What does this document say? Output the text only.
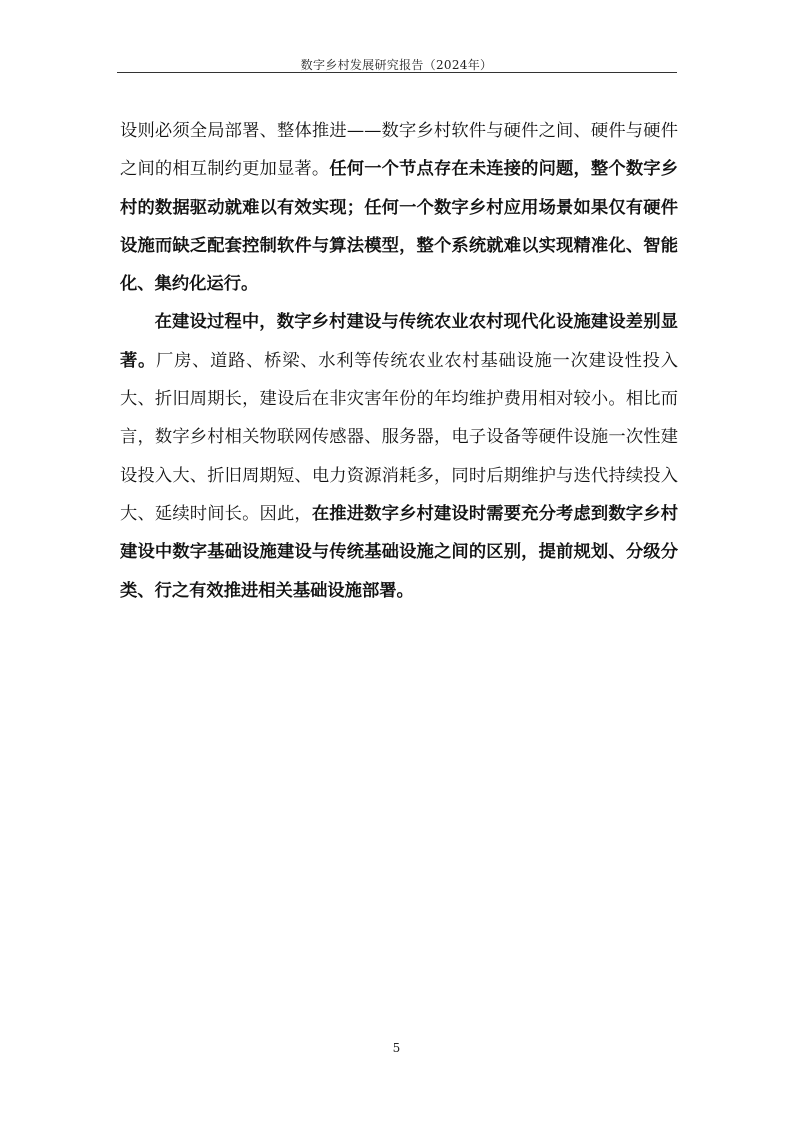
数字乡村发展研究报告（2024年）

设则必须全局部署、整体推进——数字乡村软件与硬件之间、硬件与硬件之间的相互制约更加显著。任何一个节点存在未连接的问题，整个数字乡村的数据驱动就难以有效实现；任何一个数字乡村应用场景如果仅有硬件设施而缺乏配套控制软件与算法模型，整个系统就难以实现精准化、智能化、集约化运行。

在建设过程中，数字乡村建设与传统农业农村现代化设施建设差别显著。厂房、道路、桥梁、水利等传统农业农村基础设施一次建设性投入大、折旧周期长，建设后在非灾害年份的年均维护费用相对较小。相比而言，数字乡村相关物联网传感器、服务器，电子设备等硬件设施一次性建设投入大、折旧周期短、电力资源消耗多，同时后期维护与迭代持续投入大、延续时间长。因此，在推进数字乡村建设时需要充分考虑到数字乡村建设中数字基础设施建设与传统基础设施之间的区别，提前规划、分级分类、行之有效推进相关基础设施部署。

5
